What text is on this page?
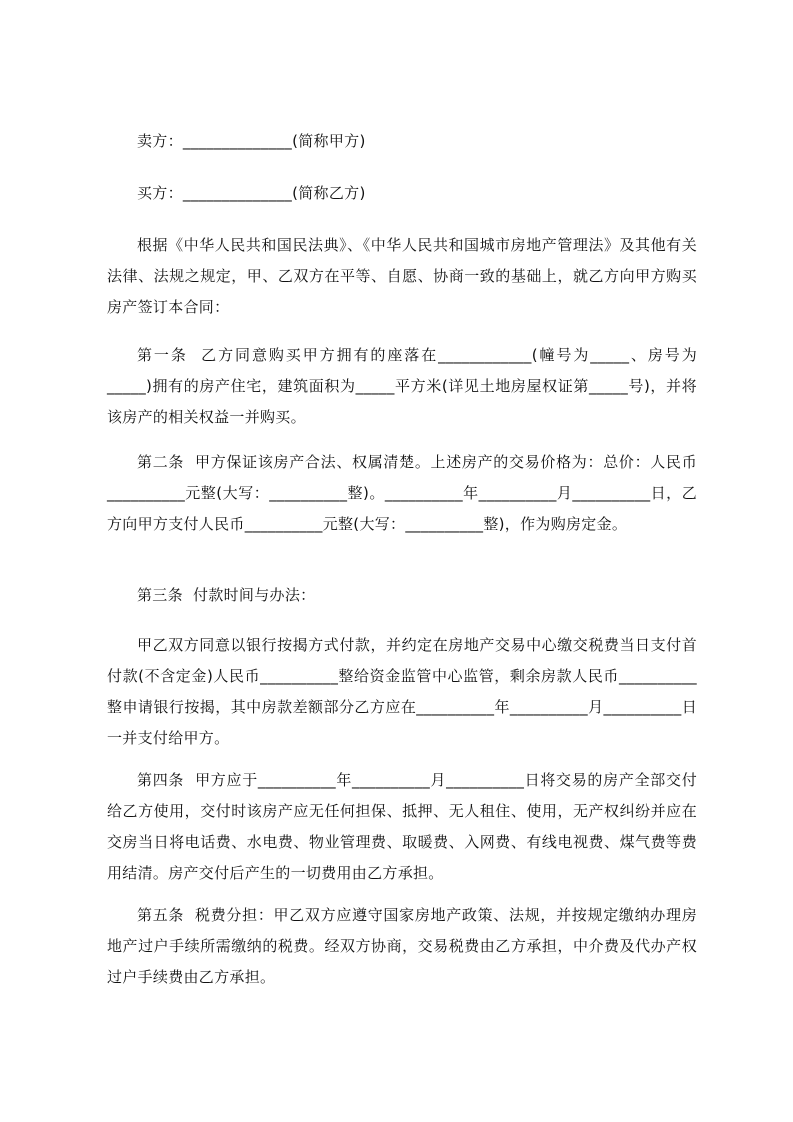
卖方：______________(简称甲方)

买方：______________(简称乙方)

根据《中华人民共和国民法典》、《中华人民共和国城市房地产管理法》及其他有关法律、法规之规定，甲、乙双方在平等、自愿、协商一致的基础上，就乙方向甲方购买房产签订本合同：

第一条  乙方同意购买甲方拥有的座落在____________(幢号为_____、房号为_____)拥有的房产住宅，建筑面积为_____平方米(详见土地房屋权证第_____号)，并将该房产的相关权益一并购买。

第二条  甲方保证该房产合法、权属清楚。上述房产的交易价格为：总价：人民币__________元整(大写：__________整)。__________年__________月__________日，乙方向甲方支付人民币__________元整(大写：__________整)，作为购房定金。

第三条  付款时间与办法：

甲乙双方同意以银行按揭方式付款，并约定在房地产交易中心缴交税费当日支付首付款(不含定金)人民币__________整给资金监管中心监管，剩余房款人民币__________整申请银行按揭，其中房款差额部分乙方应在__________年__________月__________日一并支付给甲方。

第四条  甲方应于__________年__________月__________日将交易的房产全部交付给乙方使用，交付时该房产应无任何担保、抵押、无人租住、使用，无产权纠纷并应在交房当日将电话费、水电费、物业管理费、取暖费、入网费、有线电视费、煤气费等费用结清。房产交付后产生的一切费用由乙方承担。

第五条  税费分担：甲乙双方应遵守国家房地产政策、法规，并按规定缴纳办理房地产过户手续所需缴纳的税费。经双方协商，交易税费由乙方承担，中介费及代办产权过户手续费由乙方承担。
